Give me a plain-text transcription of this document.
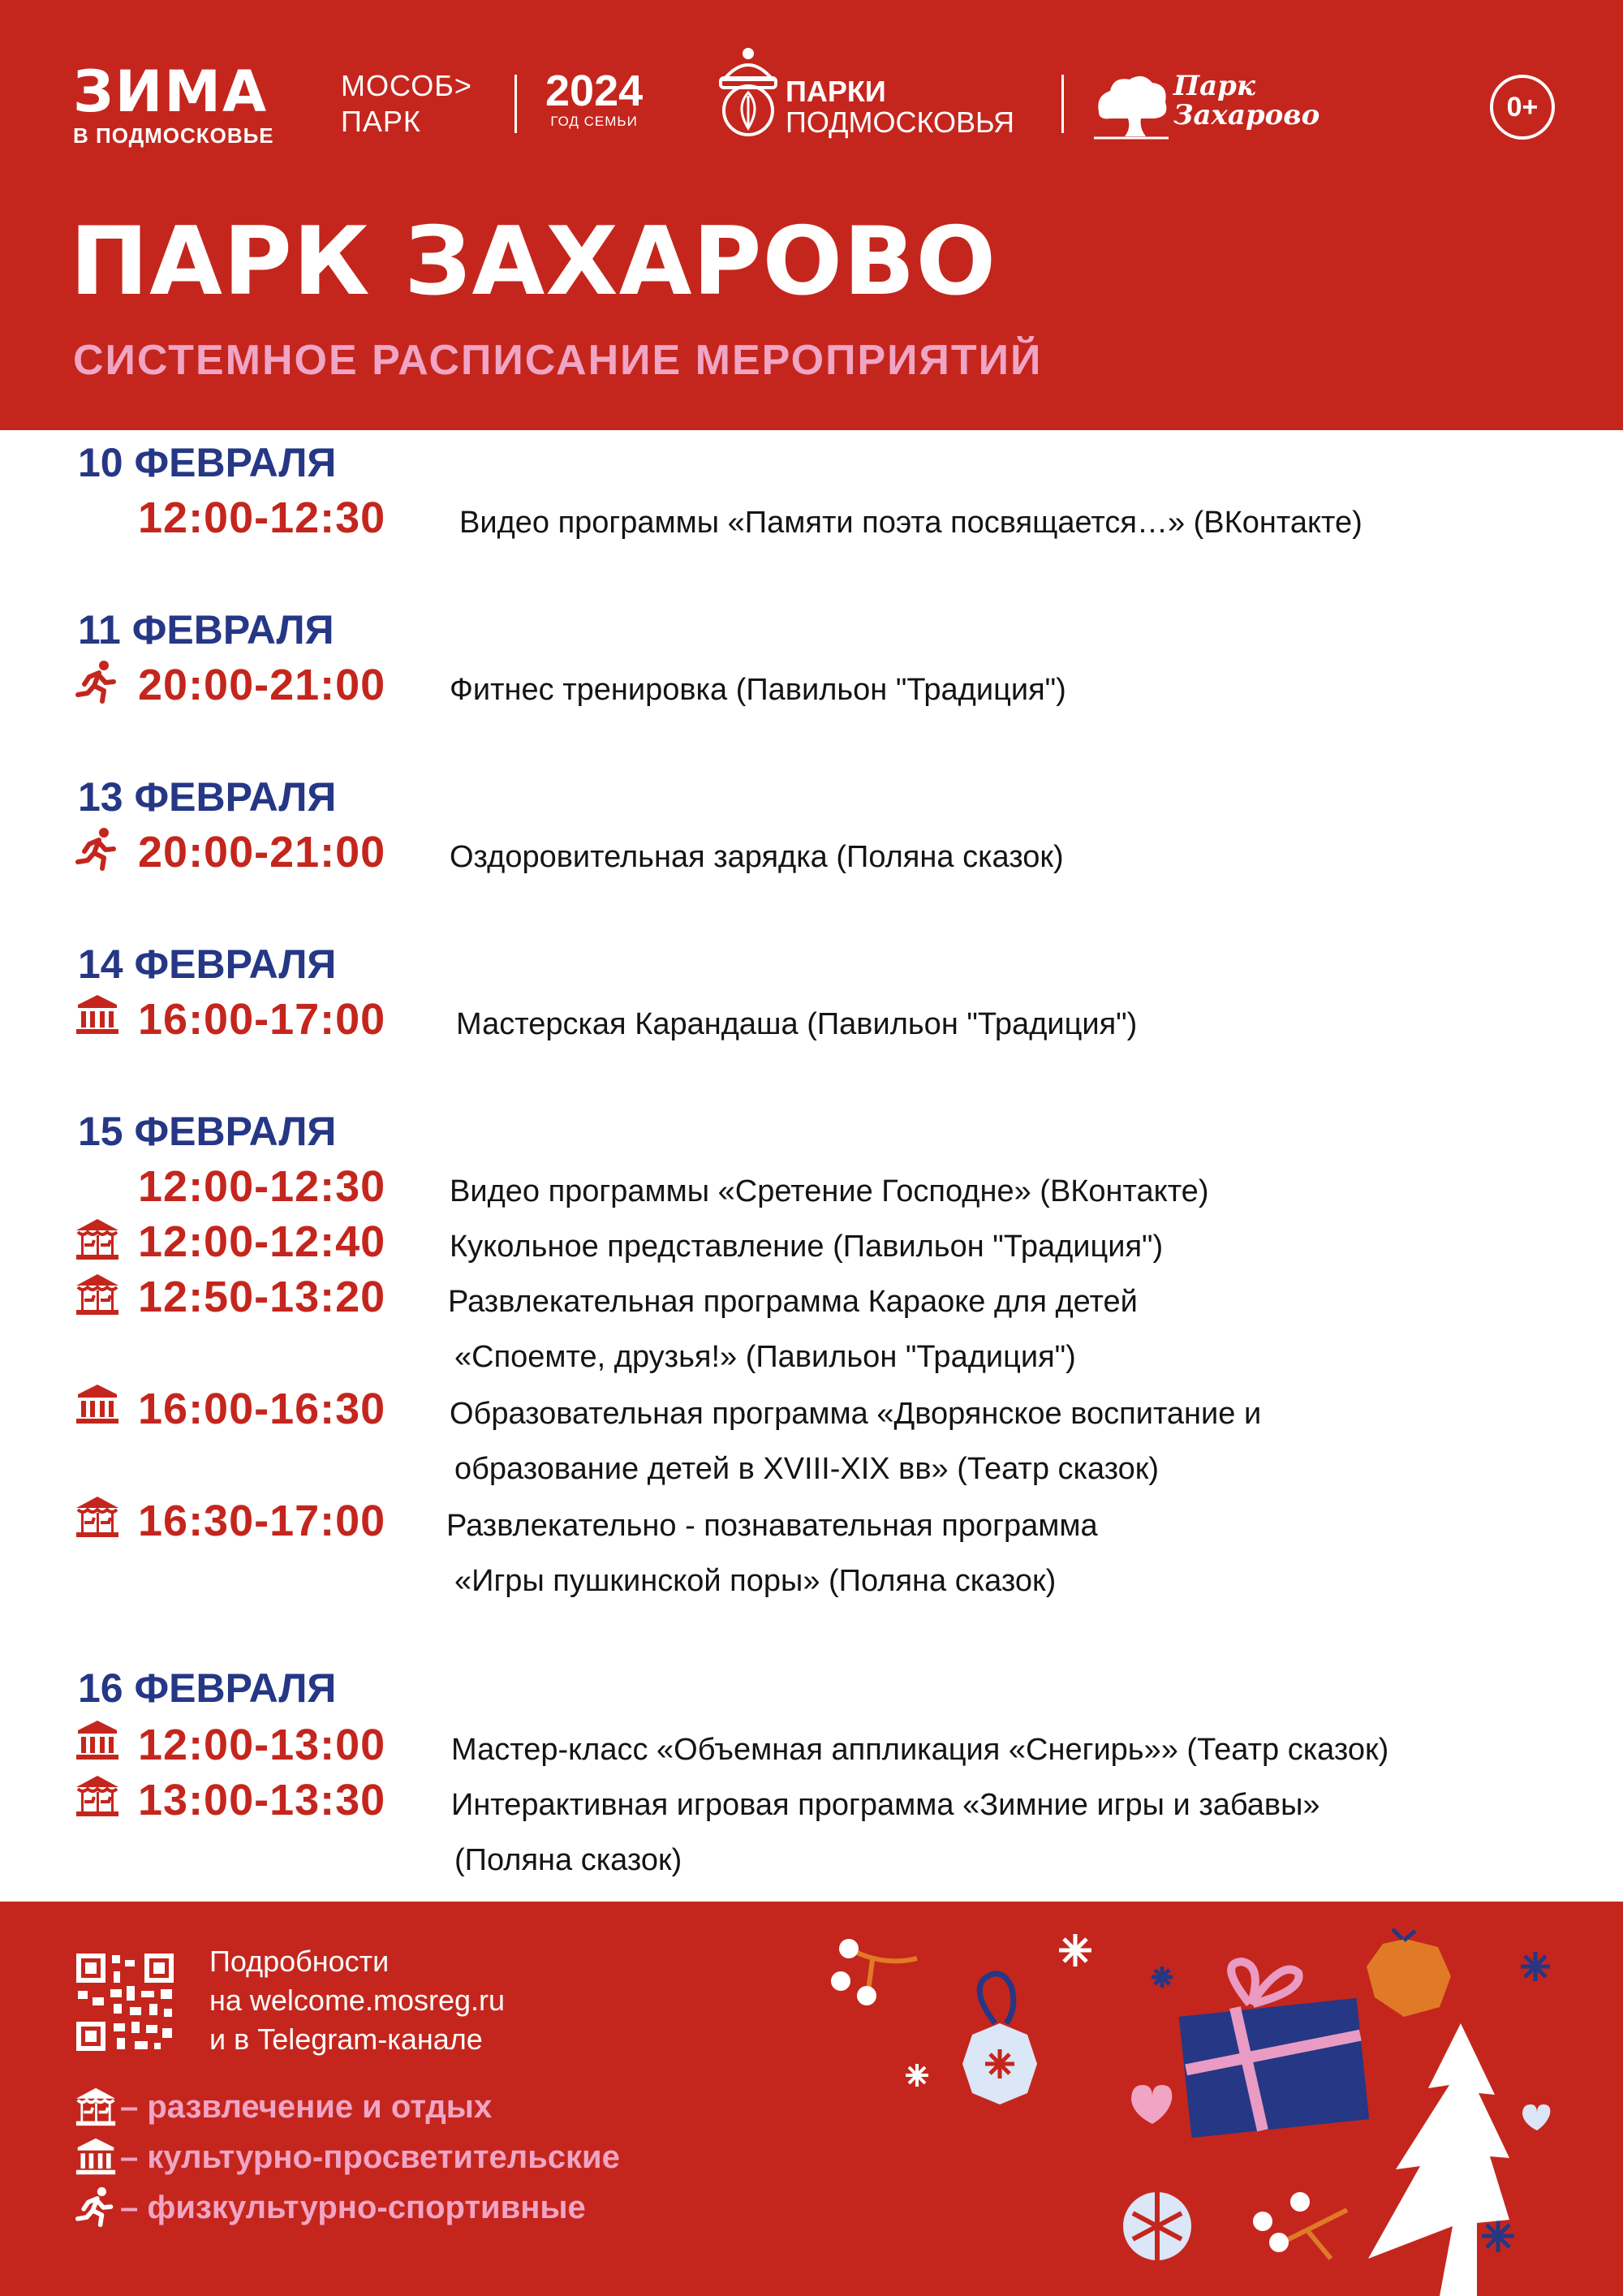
ЗИМА
В ПОДМОСКОВЬЕ
МОСОБ>
ПАРК
2024
ГОД СЕМЬИ
ПАРКИ
ПОДМОСКОВЬЯ
Парк
Захарово	0+
ПАРК ЗАХАРОВО
СИСТЕМНОЕ РАСПИСАНИЕ МЕРОПРИЯТИЙ
10 ФЕВРАЛЯ
12:00-12:30 Видео программы «Памяти поэта посвящается…» (ВКонтакте)
11 ФЕВРАЛЯ
20:00-21:00 Фитнес тренировка (Павильон "Традиция")
13 ФЕВРАЛЯ
20:00-21:00 Оздоровительная зарядка (Поляна сказок)
14 ФЕВРАЛЯ
16:00-17:00 Мастерская Карандаша (Павильон "Традиция")
15 ФЕВРАЛЯ
12:00-12:30 Видео программы «Сретение Господне» (ВКонтакте)
12:00-12:40 Кукольное представление (Павильон "Традиция")
12:50-13:20 Развлекательная программа Караоке для детей
«Споемте, друзья!» (Павильон "Традиция")
16:00-16:30 Образовательная программа «Дворянское воспитание и
образование детей в XVIII-XIX вв» (Театр сказок)
16:30-17:00 Развлекательно - познавательная программа
«Игры пушкинской поры» (Поляна сказок)
16 ФЕВРАЛЯ
12:00-13:00 Мастер-класс «Объемная аппликация «Снегирь»» (Театр сказок)
13:00-13:30 Интерактивная игровая программа «Зимние игры и забавы»
(Поляна сказок)
Подробности
на welcome.mosreg.ru
и в Telegram-канале
– развлечение и отдых
– культурно-просветительские
– физкультурно-спортивные
